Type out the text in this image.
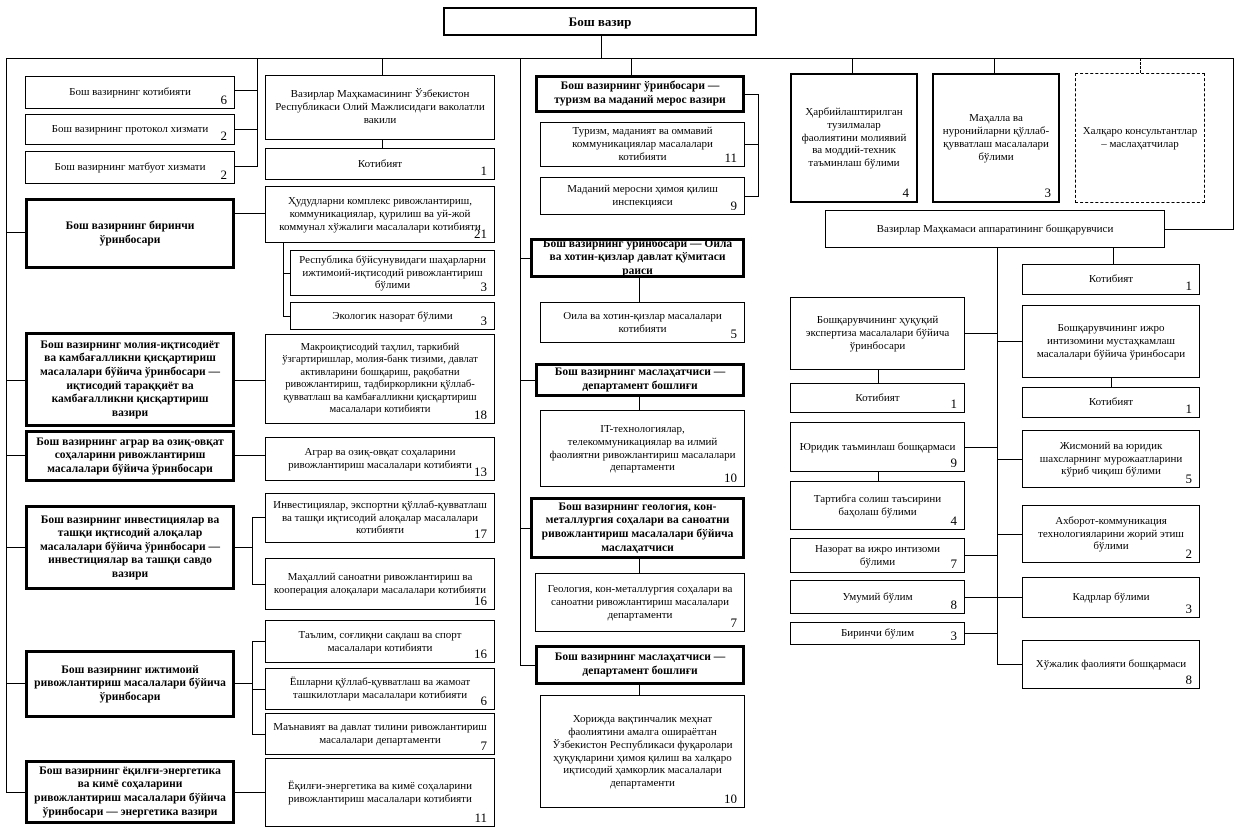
Бош вазир
Бош вазирнинг котибияти	6
Бош вазирнинг протокол хизмати 2
Бош вазирнинг матбуот хизмати	2
Бош вазирнинг биринчи ўринбосари
Бош вазирнинг молия-иқтисодиёт ва камбағалликни қисқартириш масалалари бўйича ўринбосари — иқтисодий тараққиёт ва камбағалликни қисқартириш вазири
Бош вазирнинг аграр ва озиқ-овқат соҳаларини ривожлантириш масалалари бўйича ўринбосари
Бош вазирнинг инвестициялар ва ташқи иқтисодий алоқалар масалалари бўйича ўринбосари — инвестициялар ва ташқи савдо вазири
Бош вазирнинг ижтимоий ривожлантириш масалалари бўйича ўринбосари
Бош вазирнинг ёқилғи-энергетика ва кимё соҳаларини ривожлантириш масалалари бўйича ўринбосари — энергетика вазири
Вазирлар Маҳкамасининг Ўзбекистон Республикаси Олий Мажлисидаги ваколатли вакили
Котибият	1
Ҳудудларни комплекс ривожлантириш, коммуникациялар, қурилиш ва уй-жой коммунал хўжалиги масалалари котибияти
21
Республика бўйсунувидаги шаҳарларни ижтимоий-иқтисодий ривожлантириш бўлими	3
Экологик назорат бўлими	3
Макроиқтисодий таҳлил, таркибий ўзгартиришлар, молия-банк тизими, давлат активларини бошқариш, рақобатни ривожлантириш, тадбиркорликни қўллаб-қувватлаш ва камбағалликни қисқартириш масалалари котибияти	18
Аграр ва озиқ-овқат соҳаларини ривожлантириш масалалари котибияти 13
Инвестициялар, экспортни қўллаб-қувватлаш ва ташқи иқтисодий алоқалар масалалари котибияти	17
Маҳаллий саноатни ривожлантириш ва кооперация алоқалари масалалари котибияти
16
Таълим, соғлиқни сақлаш ва спорт масалалари котибияти	16
Ёшларни қўллаб-қувватлаш ва жамоат ташкилотлари масалалари котибияти	6
Маънавият ва давлат тилини ривожлантириш масалалари департаменти	7
Ёқилғи-энергетика ва кимё соҳаларини ривожлантириш масалалари котибияти
11
Бош вазирнинг ўринбосари — туризм ва маданий мерос вазири
Туризм, маданият ва оммавий коммуникациялар масалалари котибияти	11
Маданий меросни ҳимоя қилиш инспекцияси	9
Бош вазирнинг ўринбосари — Оила ва хотин-қизлар давлат қўмитаси раиси
Оила ва хотин-қизлар масалалари котибияти	5
Бош вазирнинг маслаҳатчиси — департамент бошлиғи
IT-технологиялар, телекоммуникациялар ва илмий фаолиятни ривожлантириш масалалари департаменти
10
Бош вазирнинг геология, кон-металлургия соҳалари ва саноатни ривожлантириш масалалари бўйича маслаҳатчиси
Геология, кон-металлургия соҳалари ва саноатни ривожлантириш масалалари департаменти	7
Бош вазирнинг маслаҳатчиси — департамент бошлиғи
Хорижда вақтинчалик меҳнат фаолиятини амалга ошираётган Ўзбекистон Республикаси фуқаролари ҳуқуқларини ҳимоя қилиш ва халқаро иқтисодий ҳамкорлик масалалари департаменти
10
Ҳарбийлаштирилган тузилмалар фаолиятини молиявий ва моддий-техник таъминлаш бўлими
4
Маҳалла ва нуронийларни қўллаб-қувватлаш масалалари бўлими
3
Халқаро консультантлар – маслаҳатчилар
Вазирлар Маҳкамаси аппаратининг бошқарувчиси
Бошқарувчининг ҳуқуқий экспертиза масалалари бўйича ўринбосари
Котибият	1
Юридик таъминлаш бошқармаси
9
Тартибга солиш таъсирини баҳолаш бўлими
4
Назорат ва ижро интизоми бўлими	7
Умумий бўлим
8
Биринчи бўлим	3
Котибият	1
Бошқарувчининг ижро интизомини мустаҳкамлаш масалалари бўйича ўринбосари
Котибият	1
Жисмоний ва юридик шахсларнинг мурожаатларини кўриб чиқиш бўлими	5
Ахборот-коммуникация технологияларини жорий этиш бўлими	2
Кадрлар бўлими
3
Хўжалик фаолияти бошқармаси
8
